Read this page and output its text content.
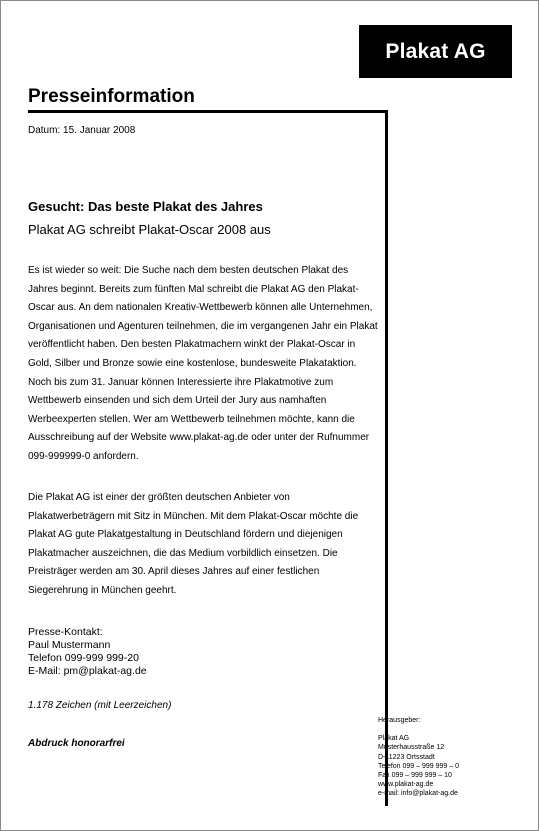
Plakat AG
Presseinformation
Datum: 15. Januar 2008
Gesucht: Das beste Plakat des Jahres
Plakat AG schreibt Plakat-Oscar 2008 aus

Es ist wieder so weit: Die Suche nach dem besten deutschen Plakat des Jahres beginnt. Bereits zum fünften Mal schreibt die Plakat AG den Plakat-Oscar aus. An dem nationalen Kreativ-Wettbewerb können alle Unternehmen, Organisationen und Agenturen teilnehmen, die im vergangenen Jahr ein Plakat veröffentlicht haben. Den besten Plakatmachern winkt der Plakat-Oscar in Gold, Silber und Bronze sowie eine kostenlose, bundesweite Plakataktion. Noch bis zum 31. Januar können Interessierte ihre Plakatmotive zum Wettbewerb einsenden und sich dem Urteil der Jury aus namhaften Werbeexperten stellen. Wer am Wettbewerb teilnehmen möchte, kann die Ausschreibung auf der Website www.plakat-ag.de oder unter der Rufnummer 099-999999-0 anfordern.

Die Plakat AG ist einer der größten deutschen Anbieter von Plakatwerbeträgern mit Sitz in München. Mit dem Plakat-Oscar möchte die Plakat AG gute Plakatgestaltung in Deutschland fördern und diejenigen Plakatmacher auszeichnen, die das Medium vorbildlich einsetzen. Die Preisträger werden am 30. April dieses Jahres auf einer festlichen Siegerehrung in München geehrt.

Presse-Kontakt:
Paul Mustermann
Telefon 099-999 999-20
E-Mail: pm@plakat-ag.de
1.178 Zeichen (mit Leerzeichen)
Abdruck honorarfrei
Herausgeber:
Plakat AG
Musterhausstraße 12
D-11223 Ortsstadt
Telefon 099 – 999 999 – 0
Fax 099 – 999 999 – 10
www.plakat-ag.de
e-mail: info@plakat-ag.de
